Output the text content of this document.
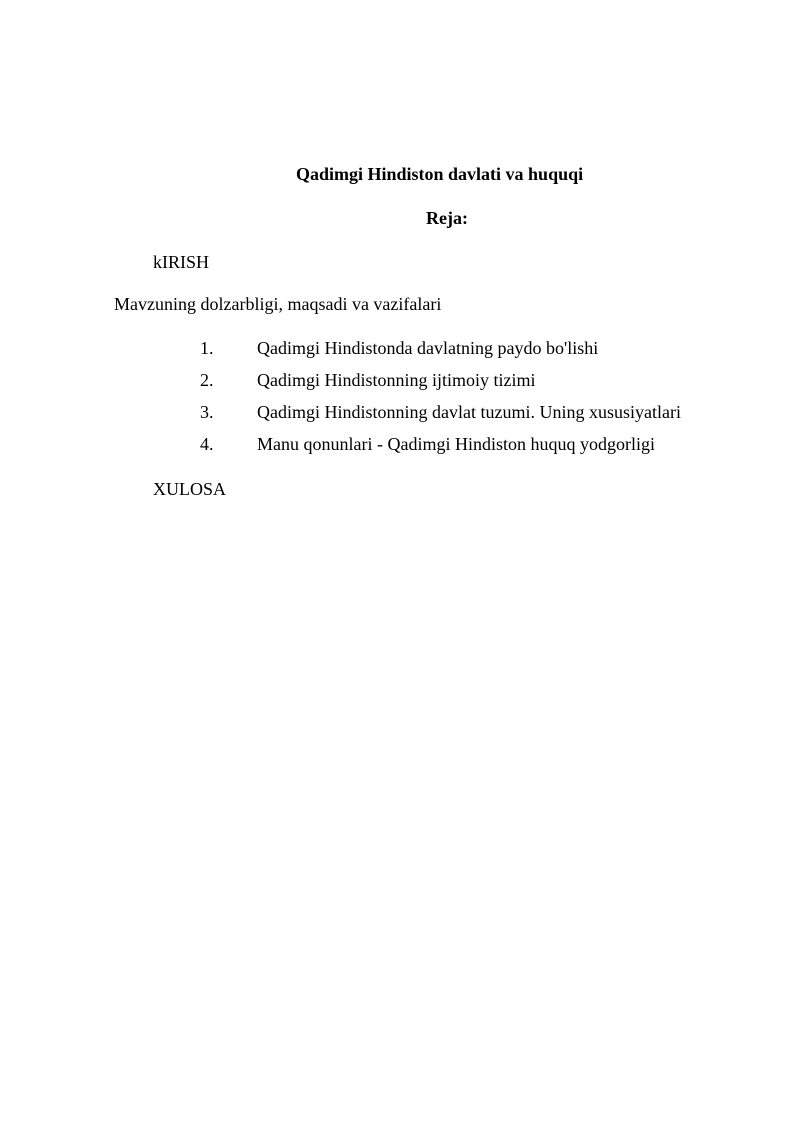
Qadimgi Hindiston davlati va huquqi
Reja:
kIRISH
Mavzuning dolzarbligi, maqsadi va vazifalari
1. Qadimgi Hindistonda davlatning paydo bo'lishi
2. Qadimgi Hindistonning ijtimoiy tizimi
3. Qadimgi Hindistonning davlat tuzumi. Uning xususiyatlari
4. Manu qonunlari - Qadimgi Hindiston huquq yodgorligi
XULOSA
